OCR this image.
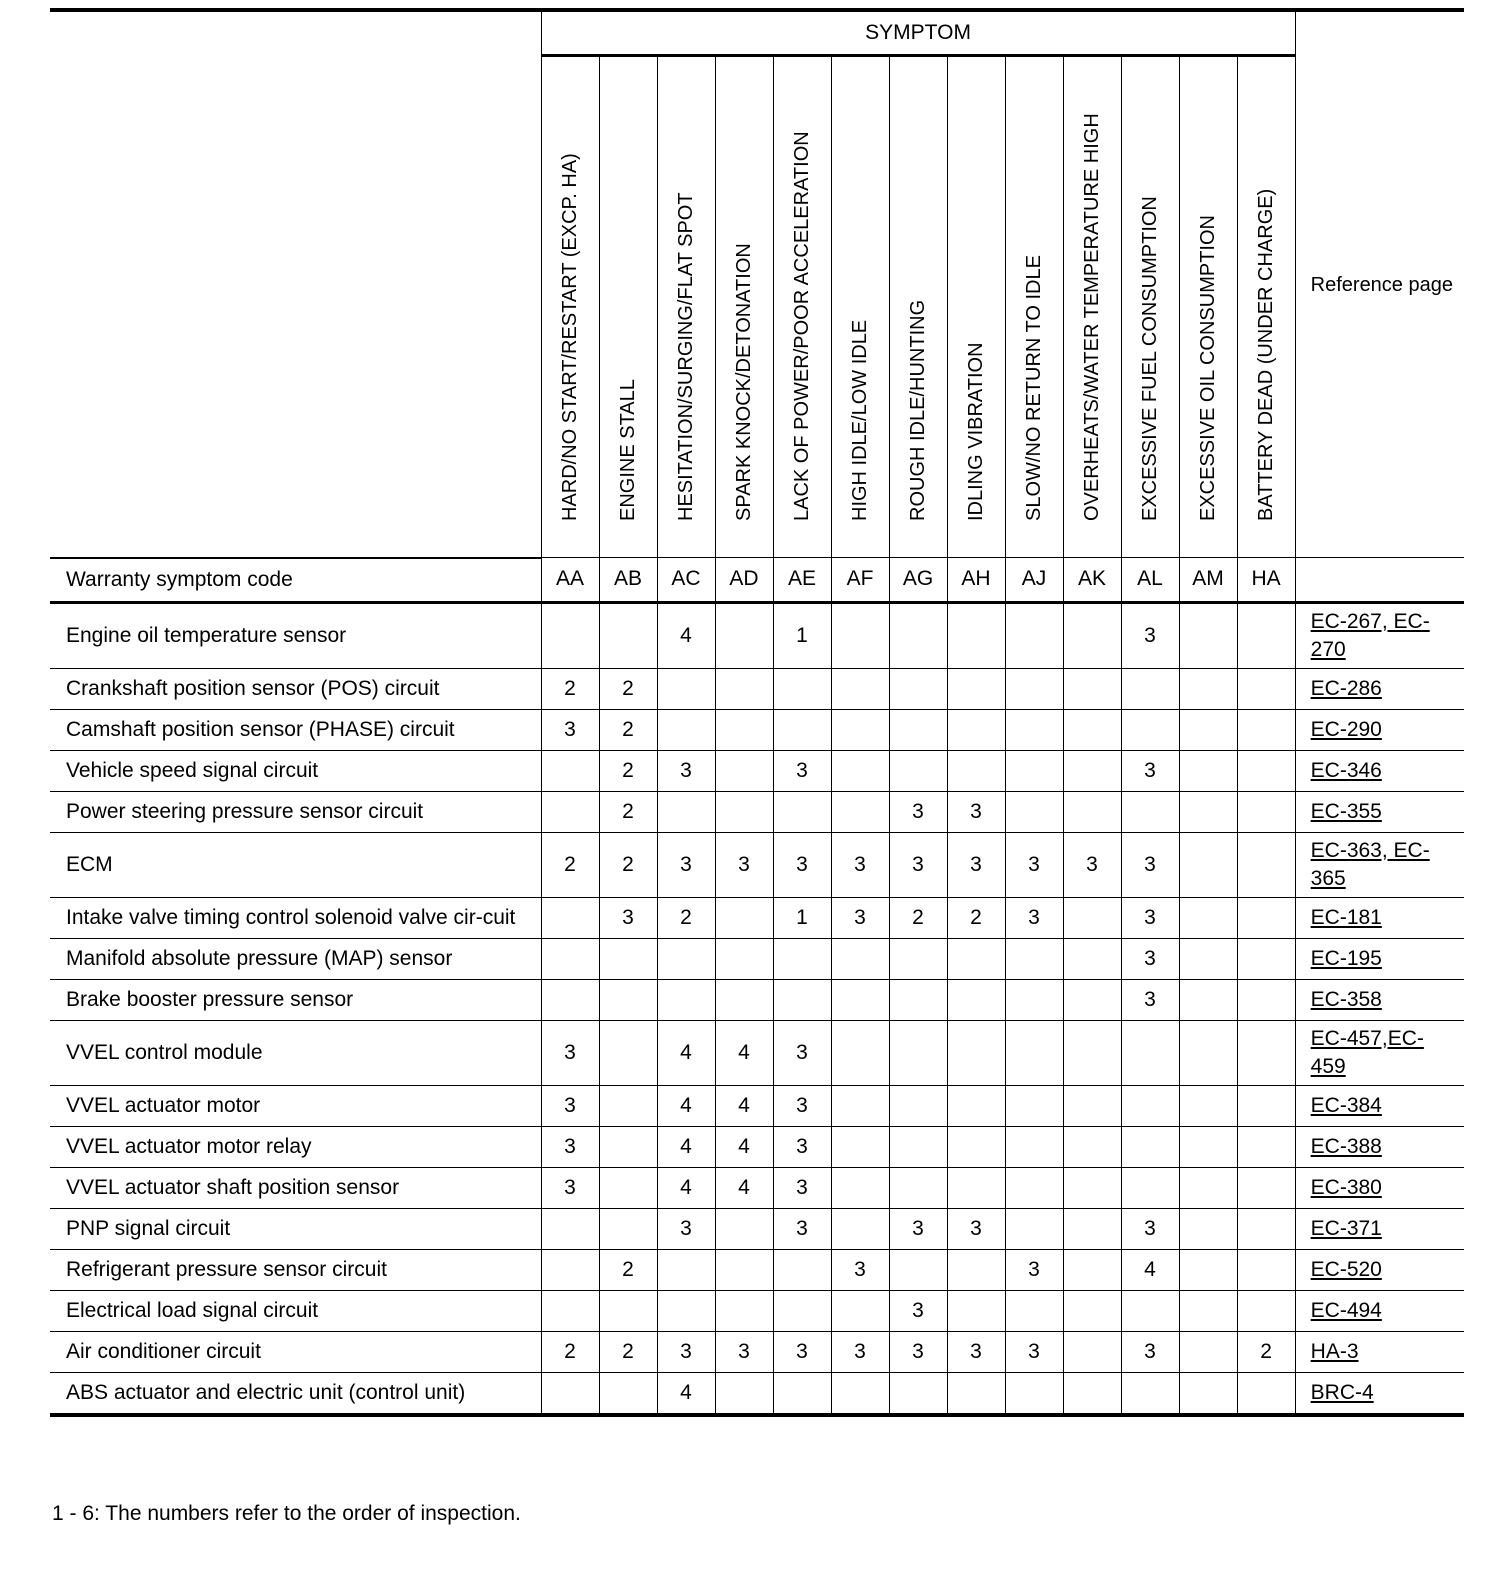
	SYMPTOM													Reference page

	HARD/NO START/RESTART (EXCP. HA)	ENGINE STALL	HESITATION/SURGING/FLAT SPOT	SPARK KNOCK/DETONATION	LACK OF POWER/POOR ACCELERATION	HIGH IDLE/LOW IDLE	ROUGH IDLE/HUNTING	IDLING VIBRATION	SLOW/NO RETURN TO IDLE	OVERHEATS/WATER TEMPERATURE HIGH	EXCESSIVE FUEL CONSUMPTION	EXCESSIVE OIL CONSUMPTION	BATTERY DEAD (UNDER CHARGE)	

Warranty symptom code	AA	AB	AC	AD	AE	AF	AG	AH	AJ	AK	AL	AM	HA	
Engine oil temperature sensor			4		1						3			EC-267, EC-270
Crankshaft position sensor (POS) circuit	2	2												EC-286
Camshaft position sensor (PHASE) circuit	3	2												EC-290
Vehicle speed signal circuit		2	3		3						3			EC-346
Power steering pressure sensor circuit		2					3	3						EC-355
ECM	2	2	3	3	3	3	3	3	3	3	3			EC-363, EC-365
Intake valve timing control solenoid valve cir-cuit		3	2		1	3	2	2	3		3			EC-181
Manifold absolute pressure (MAP) sensor											3			EC-195
Brake booster pressure sensor											3			EC-358
VVEL control module	3		4	4	3									EC-457,EC-459
VVEL actuator motor	3		4	4	3									EC-384
VVEL actuator motor relay	3		4	4	3									EC-388
VVEL actuator shaft position sensor	3		4	4	3									EC-380
PNP signal circuit			3		3		3	3			3			EC-371
Refrigerant pressure sensor circuit		2				3			3		4			EC-520
Electrical load signal circuit							3							EC-494
Air conditioner circuit	2	2	3	3	3	3	3	3	3		3		2	HA-3
ABS actuator and electric unit (control unit)			4											BRC-4
1 - 6: The numbers refer to the order of inspection.
